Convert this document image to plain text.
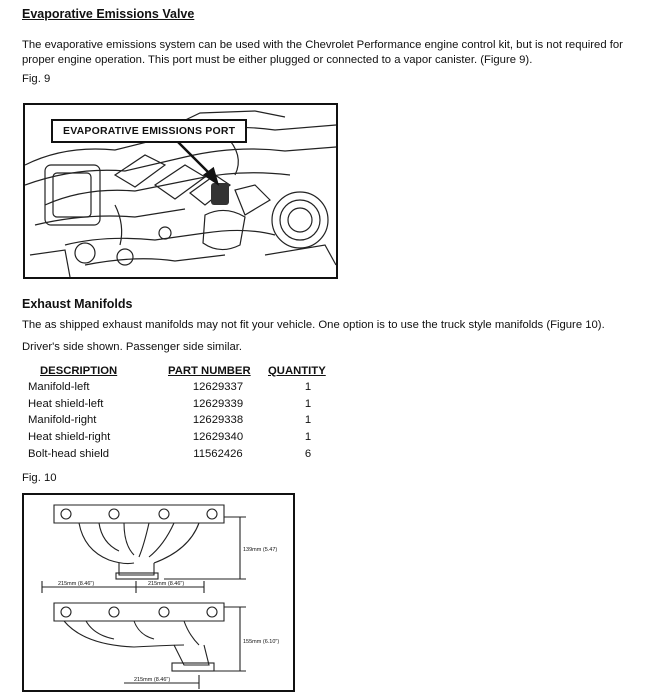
Evaporative Emissions Valve
The evaporative emissions system can be used with the Chevrolet Performance engine control kit, but is not required for proper engine operation. This port must be either plugged or connected to a vapor canister. (Figure 9).
Fig. 9
EVAPORATIVE EMISSIONS PORT
Exhaust Manifolds
The as shipped exhaust manifolds may not fit your vehicle. One option is to use the truck style manifolds (Figure 10).
Driver's side shown. Passenger side similar.
DESCRIPTION	PART NUMBER	QUANTITY
Manifold-left	12629337	1
Heat shield-left	12629339	1
Manifold-right	12629338	1
Heat shield-right	12629340	1
Bolt-head shield	11562426	6
Fig. 10
139mm (5.47)
215mm (8.46")	215mm (8.46")
155mm (6.10")
215mm (8.46")
